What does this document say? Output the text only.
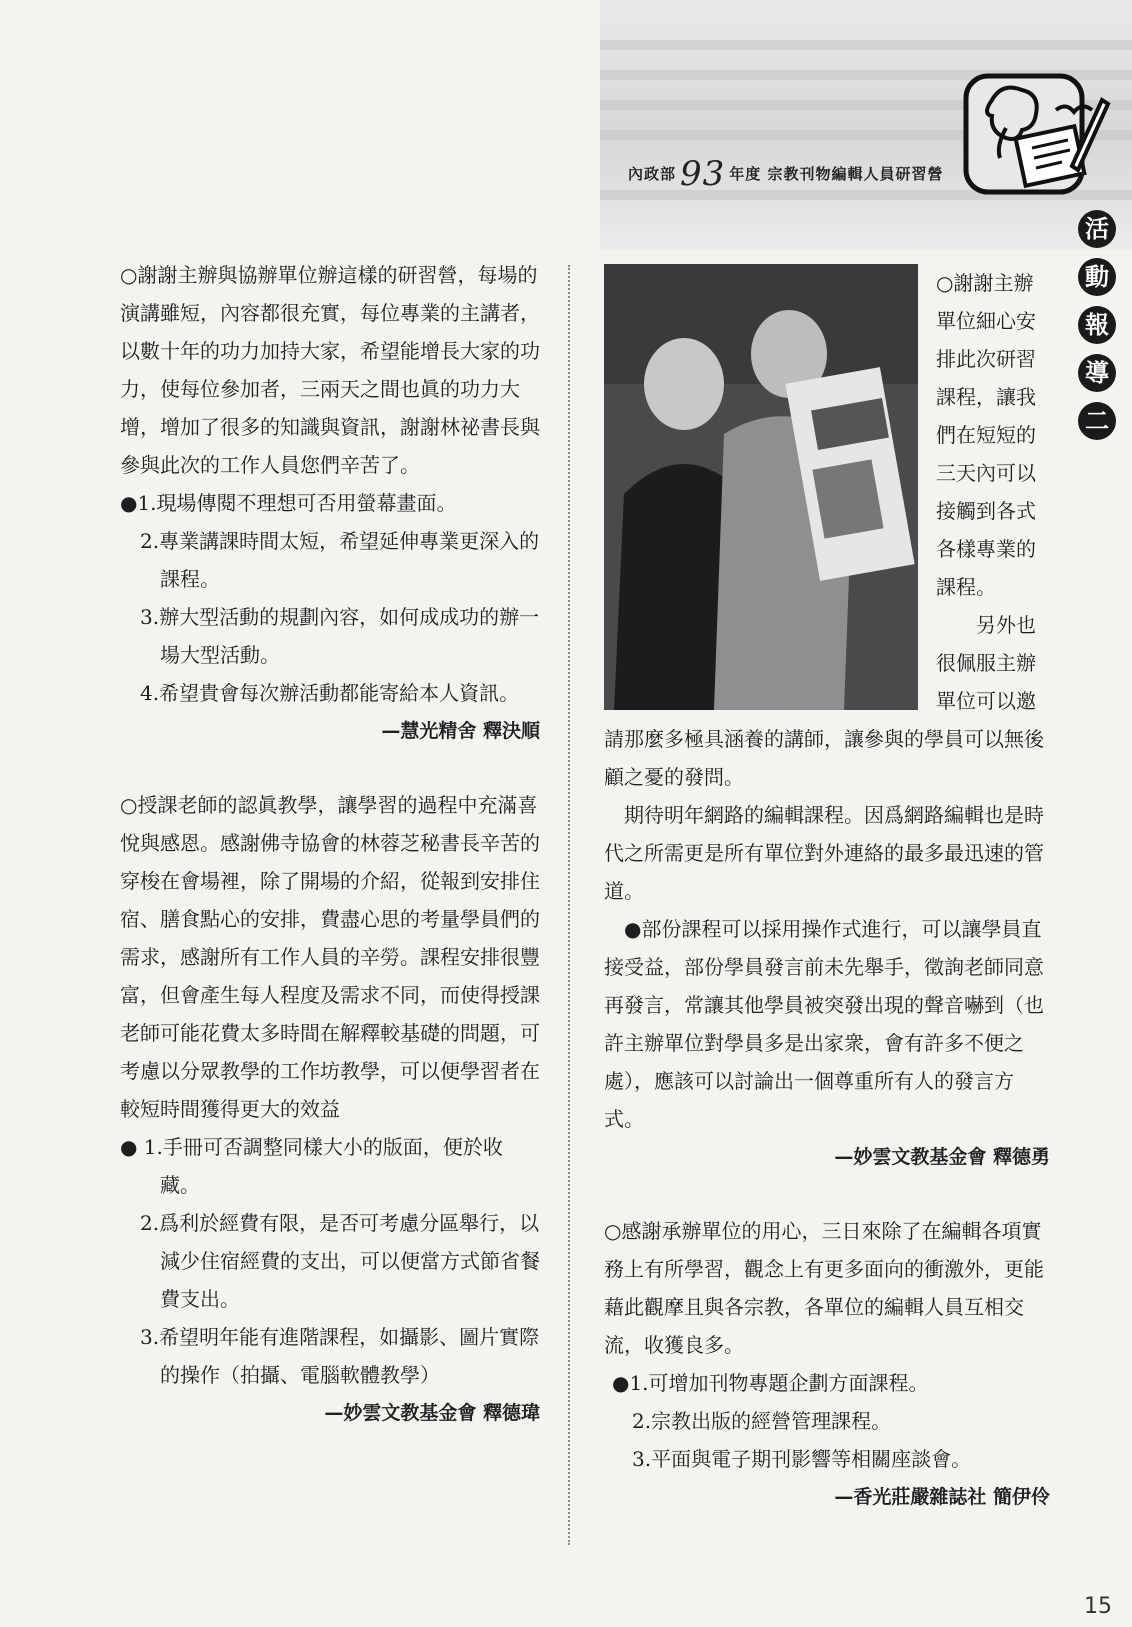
內政部 93 年度 宗教刊物編輯人員研習營
活
動
報
導
二

○謝謝主辦與協辦單位辦這樣的研習營，每場的演講雖短，內容都很充實，每位專業的主講者，以數十年的功力加持大家，希望能增長大家的功力，使每位參加者，三兩天之間也眞的功力大增，增加了很多的知識與資訊，謝謝林祕書長與參與此次的工作人員您們辛苦了。

●1.現場傳閱不理想可否用螢幕畫面。

2.專業講課時間太短，希望延伸專業更深入的課程。

3.辦大型活動的規劃內容，如何成成功的辦一場大型活動。

4.希望貴會每次辦活動都能寄給本人資訊。

—慧光精舍 釋決順

○授課老師的認眞教學，讓學習的過程中充滿喜悅與感恩。感謝佛寺協會的林蓉芝秘書長辛苦的穿梭在會場裡，除了開場的介紹，從報到安排住宿、膳食點心的安排，費盡心思的考量學員們的需求，感謝所有工作人員的辛勞。課程安排很豐富，但會產生每人程度及需求不同，而使得授課老師可能花費太多時間在解釋較基礎的問題，可考慮以分眾教學的工作坊教學，可以便學習者在較短時間獲得更大的效益

● 1.手冊可否調整同樣大小的版面，便於收藏。

2.爲利於經費有限，是否可考慮分區舉行，以減少住宿經費的支出，可以便當方式節省餐費支出。

3.希望明年能有進階課程，如攝影、圖片實際的操作（拍攝、電腦軟體教學）

—妙雲文教基金會 釋德瑋

○謝謝主辦單位細心安排此次研習課程，讓我們在短短的三天內可以接觸到各式各樣專業的課程。

另外也很佩服主辦單位可以邀

請那麼多極具涵養的講師，讓參與的學員可以無後顧之憂的發問。

期待明年網路的編輯課程。因爲網路編輯也是時代之所需更是所有單位對外連絡的最多最迅速的管道。

●部份課程可以採用操作式進行，可以讓學員直接受益，部份學員發言前未先舉手，徵詢老師同意再發言，常讓其他學員被突發出現的聲音嚇到（也許主辦單位對學員多是出家衆，會有許多不便之處），應該可以討論出一個尊重所有人的發言方式。

—妙雲文教基金會 釋德勇

○感謝承辦單位的用心，三日來除了在編輯各項實務上有所學習，觀念上有更多面向的衝激外，更能藉此觀摩且與各宗教，各單位的編輯人員互相交流，收獲良多。

●1.可增加刊物專題企劃方面課程。

2.宗教出版的經營管理課程。

3.平面與電子期刊影響等相關座談會。

—香光莊嚴雜誌社 簡伊伶

15
